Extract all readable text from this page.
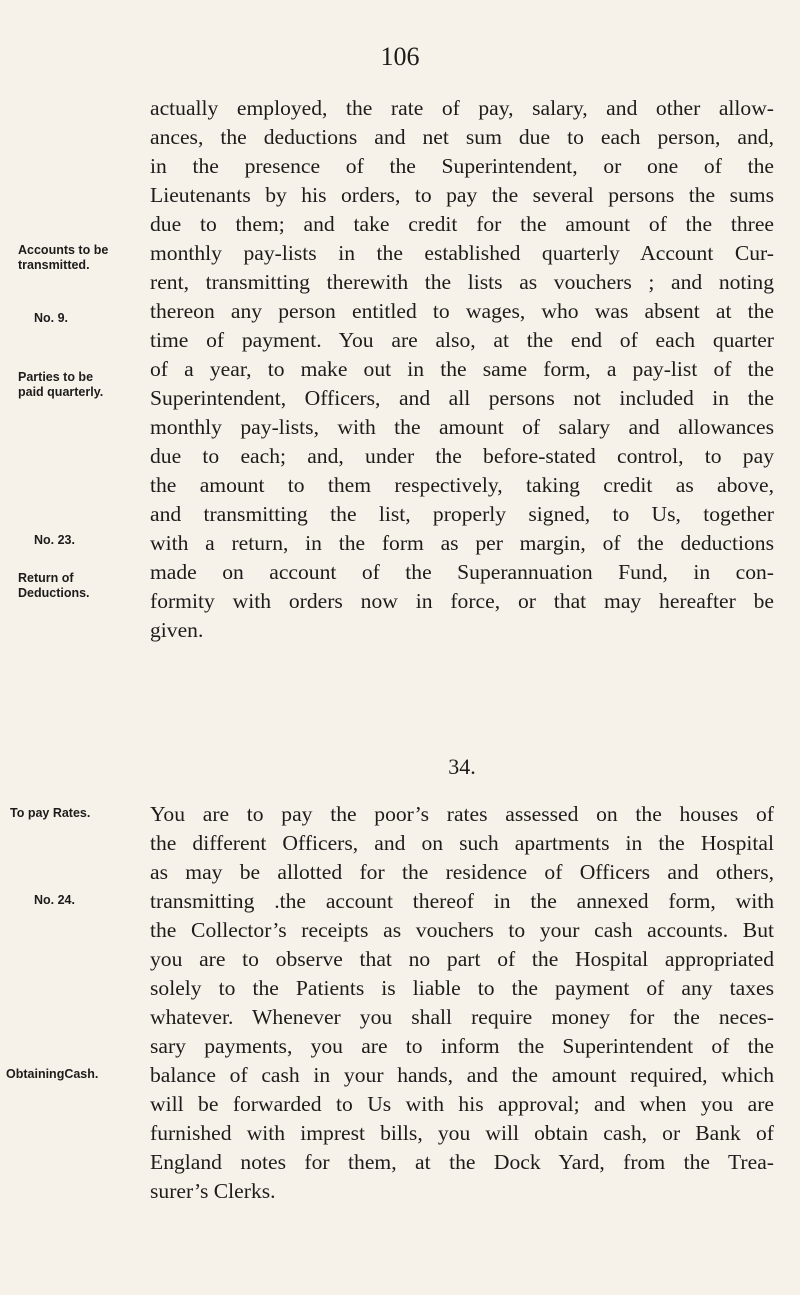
106
actually employed, the rate of pay, salary, and other allow-
ances, the deductions and net sum due to each person, and,
in the presence of the Superintendent, or one of the
Lieutenants by his orders, to pay the several persons the sums
due to them; and take credit for the amount of the three
monthly pay-lists in the established quarterly Account Cur-
rent, transmitting therewith the lists as vouchers ; and noting
thereon any person entitled to wages, who was absent at the
time of payment. You are also, at the end of each quarter
of a year, to make out in the same form, a pay-list of the
Superintendent, Officers, and all persons not included in the
monthly pay-lists, with the amount of salary and allowances
due to each; and, under the before-stated control, to pay
the amount to them respectively, taking credit as above,
and transmitting the list, properly signed, to Us, together
with a return, in the form as per margin, of the deductions
made on account of the Superannuation Fund, in con-
formity with orders now in force, or that may hereafter be
given.
34.
You are to pay the poor’s rates assessed on the houses of
the different Officers, and on such apartments in the Hospital
as may be allotted for the residence of Officers and others,
transmitting .the account thereof in the annexed form, with
the Collector’s receipts as vouchers to your cash accounts. But
you are to observe that no part of the Hospital appropriated
solely to the Patients is liable to the payment of any taxes
whatever. Whenever you shall require money for the neces-
sary payments, you are to inform the Superintendent of the
balance of cash in your hands, and the amount required, which
will be forwarded to Us with his approval; and when you are
furnished with imprest bills, you will obtain cash, or Bank of
England notes for them, at the Dock Yard, from the Trea-
surer’s Clerks.
Accounts to be
transmitted.
No. 9.
Parties to be
paid quarterly.
No. 23.
Return of
Deductions.
To pay Rates.
No. 24.
ObtainingCash.
